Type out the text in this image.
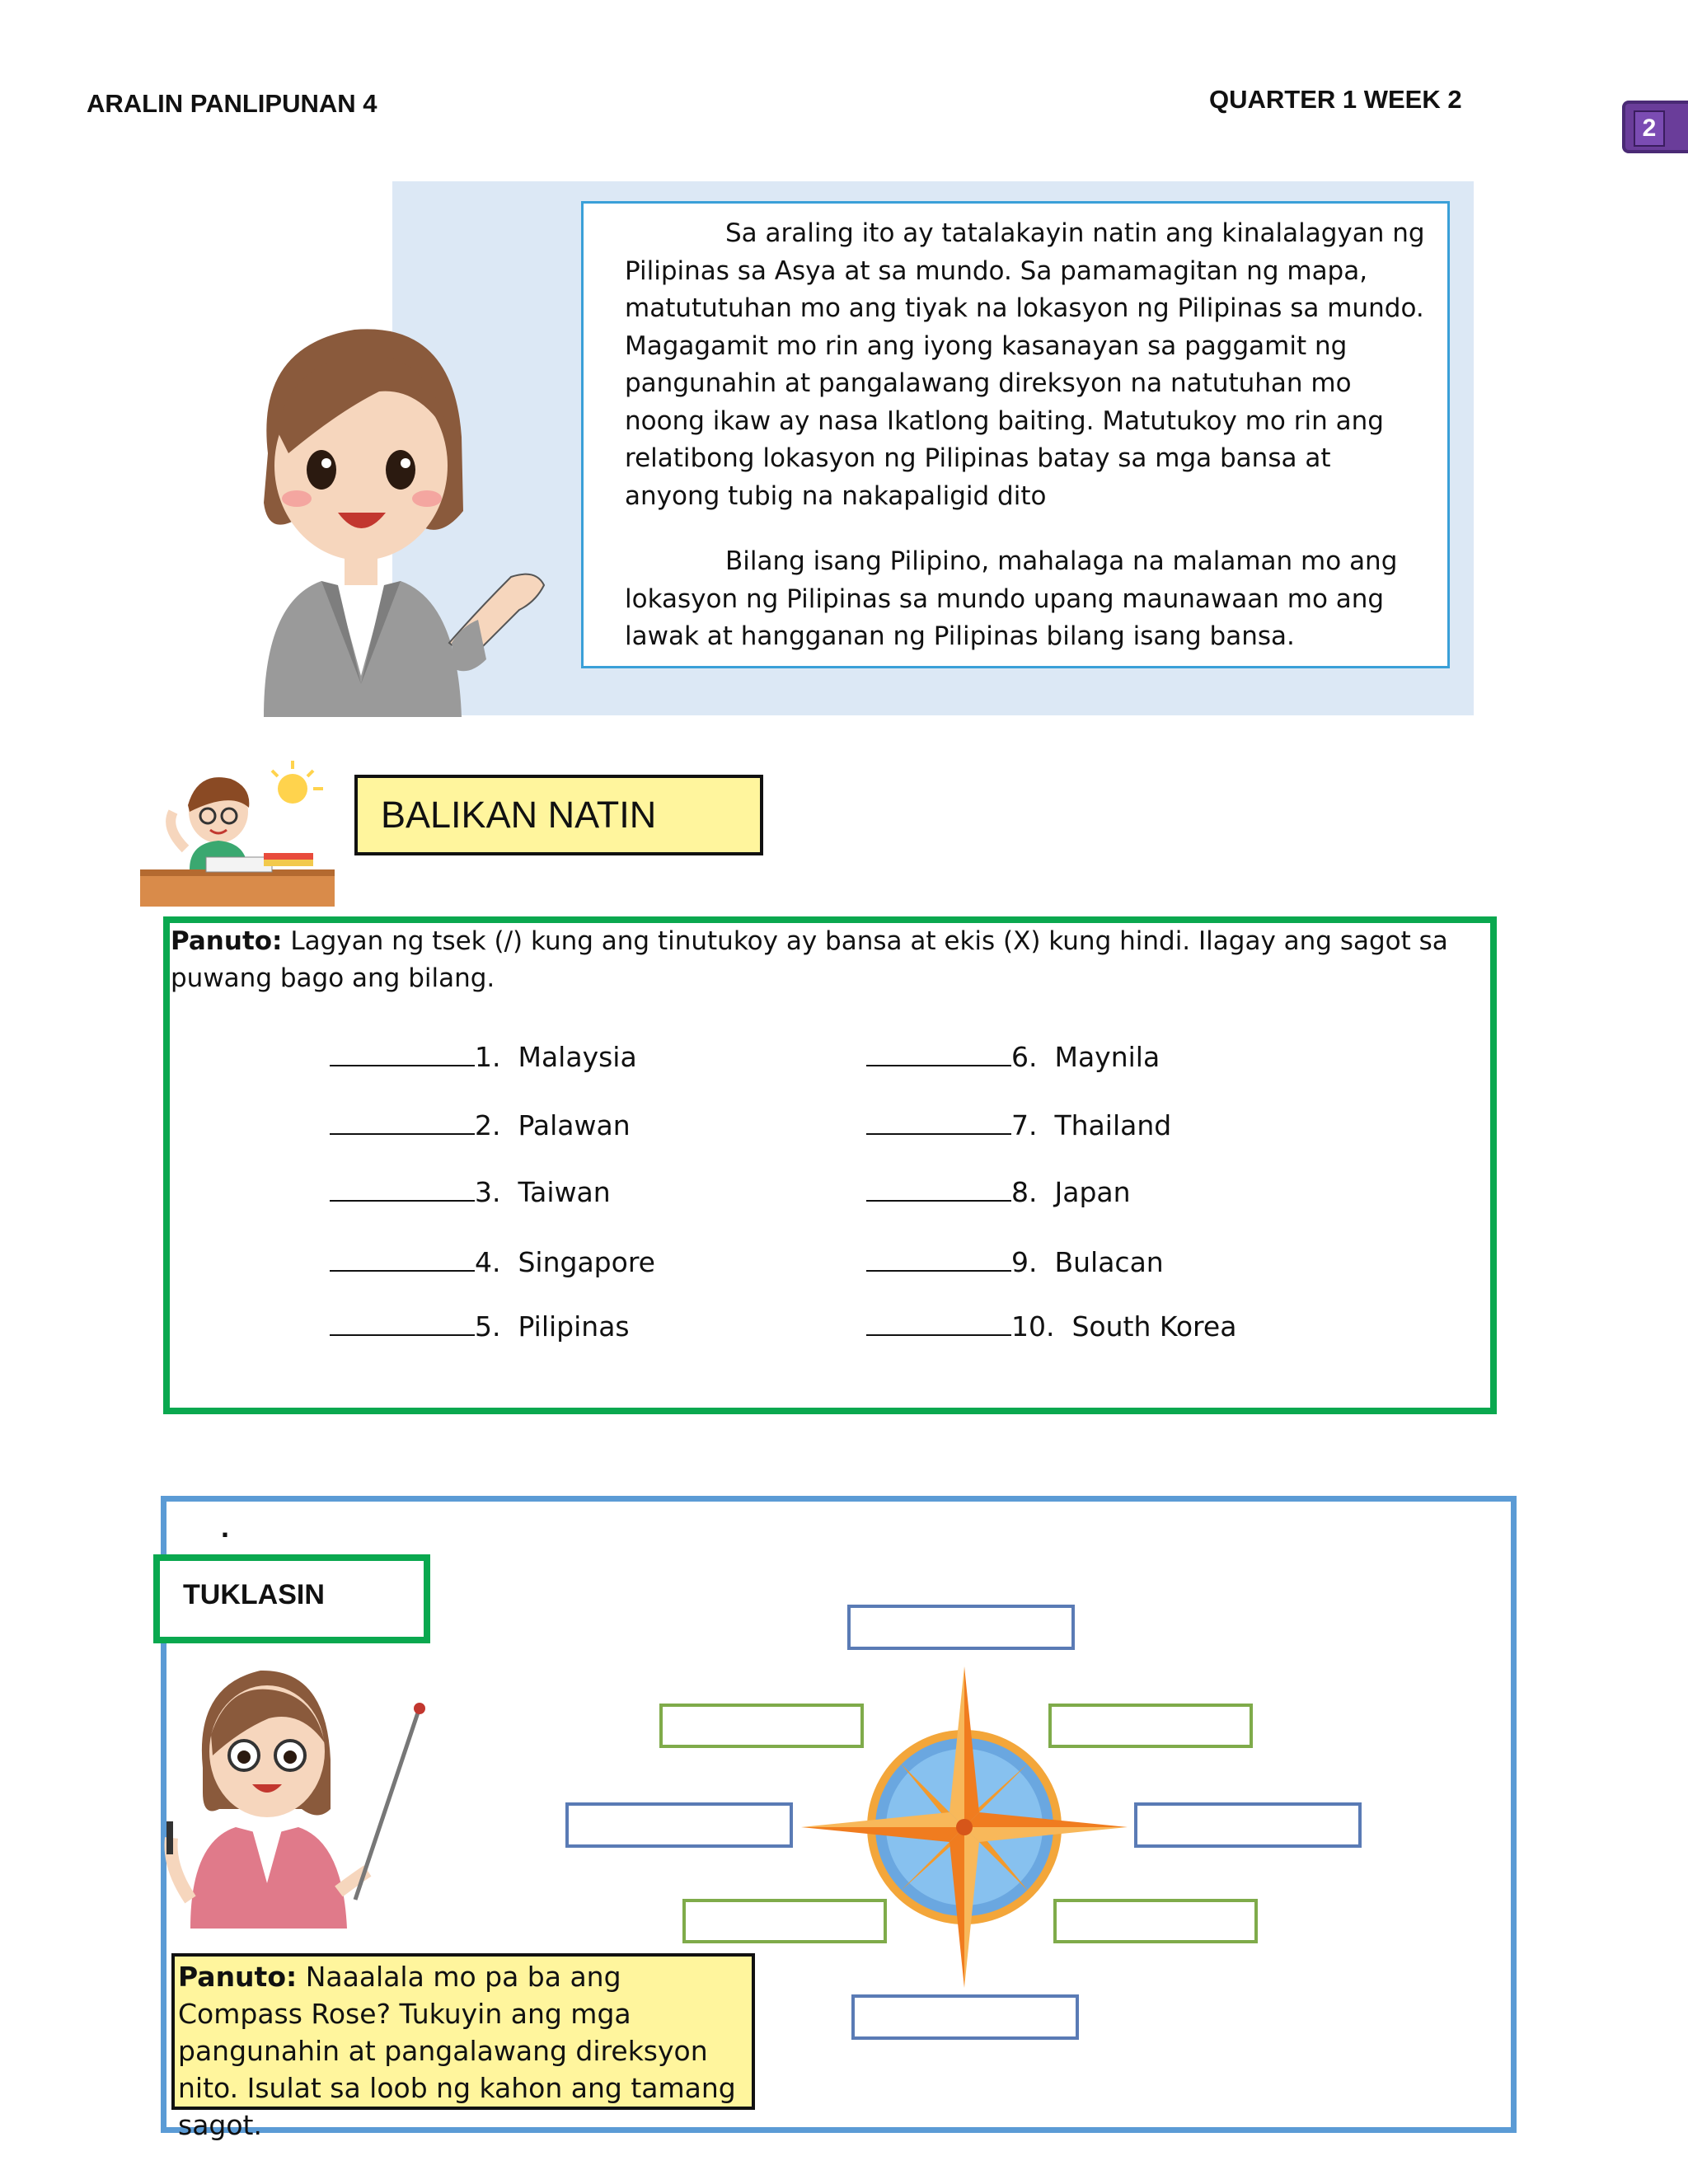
ARALIN PANLIPUNAN 4	QUARTER 1 WEEK 2
2

Sa araling ito ay tatalakayin natin ang kinalalagyan ng Pilipinas sa Asya at sa mundo. Sa pamamagitan ng mapa, matututuhan mo ang tiyak na lokasyon ng Pilipinas sa mundo. Magagamit mo rin ang iyong kasanayan sa paggamit ng pangunahin at pangalawang direksyon na natutuhan mo noong ikaw ay nasa Ikatlong baiting. Matutukoy mo rin ang relatibong lokasyon ng Pilipinas batay sa mga bansa at anyong tubig na nakapaligid dito

Bilang isang Pilipino, mahalaga na malaman mo ang lokasyon ng Pilipinas sa mundo upang maunawaan mo ang lawak at hangganan ng Pilipinas bilang isang bansa.

BALIKAN NATIN
Panuto: Lagyan ng tsek (/) kung ang tinutukoy ay bansa at ekis (X) kung hindi. Ilagay ang sagot sa puwang bago ang bilang.
1. Malaysia
2. Palawan
3. Taiwan
4. Singapore
5. Pilipinas
6. Maynila
7. Thailand
8. Japan
9. Bulacan
10. South Korea
.
TUKLASIN
Panuto: Naaalala mo pa ba ang Compass Rose? Tukuyin ang mga pangunahin at pangalawang direksyon nito. Isulat sa loob ng kahon ang tamang sagot.
